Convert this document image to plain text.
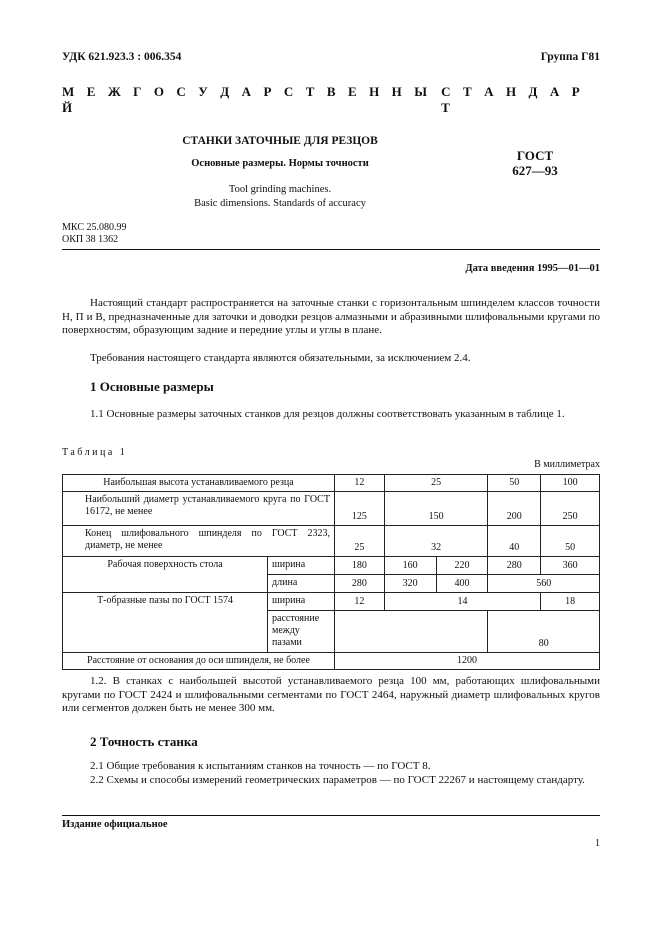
УДК 621.923.3 : 006.354	Группа Г81
М Е Ж Г О С У Д А Р С Т В Е Н Н Ы Й
С Т А Н Д А Р Т
СТАНКИ ЗАТОЧНЫЕ ДЛЯ РЕЗЦОВ
Основные размеры. Нормы точности
Tool grinding machines.
Basic dimensions. Standards of accuracy
ГОСТ
627—93
МКС 25.080.99
ОКП 38 1362
Дата введения 1995—01—01
Настоящий стандарт распространяется на заточные станки с горизонтальным шпинделем классов точности Н, П и В, предназначенные для заточки и доводки резцов алмазными и абразивными шлифовальными кругами по поверхностям, образующим задние и передние углы и углы в плане.
Требования настоящего стандарта являются обязательными, за исключением 2.4.
1 Основные размеры
1.1 Основные размеры заточных станков для резцов должны соответствовать указанным в таблице 1.
Таблица 1
В миллиметрах
Наибольшая высота устанавливаемого резца		12	25		50	100
Наибольший диаметр устанавливаемого круга по ГОСТ 16172, не менее		125	150		200	250
Конец шлифовального шпинделя по ГОСТ 2323, диаметр, не менее		25	32		40	50
Рабочая поверхность стола	ширина	180	160	220	280	360
	длина	280	320	400	560	
Т-образные пазы по ГОСТ 1574	ширина	12	14			18
	расстояние между пазами				80	
Расстояние от основания до оси шпинделя, не более		1200				
1.2. В станках с наибольшей высотой устанавливаемого резца 100 мм, работающих шлифовальными кругами по ГОСТ 2424 и шлифовальными сегментами по ГОСТ 2464, наружный диаметр шлифовальных кругов или сегментов должен быть не менее 300 мм.
2 Точность станка
2.1 Общие требования к испытаниям станков на точность — по ГОСТ 8.
2.2 Схемы и способы измерений геометрических параметров — по ГОСТ 22267 и настоящему стандарту.
Издание официальное
1
